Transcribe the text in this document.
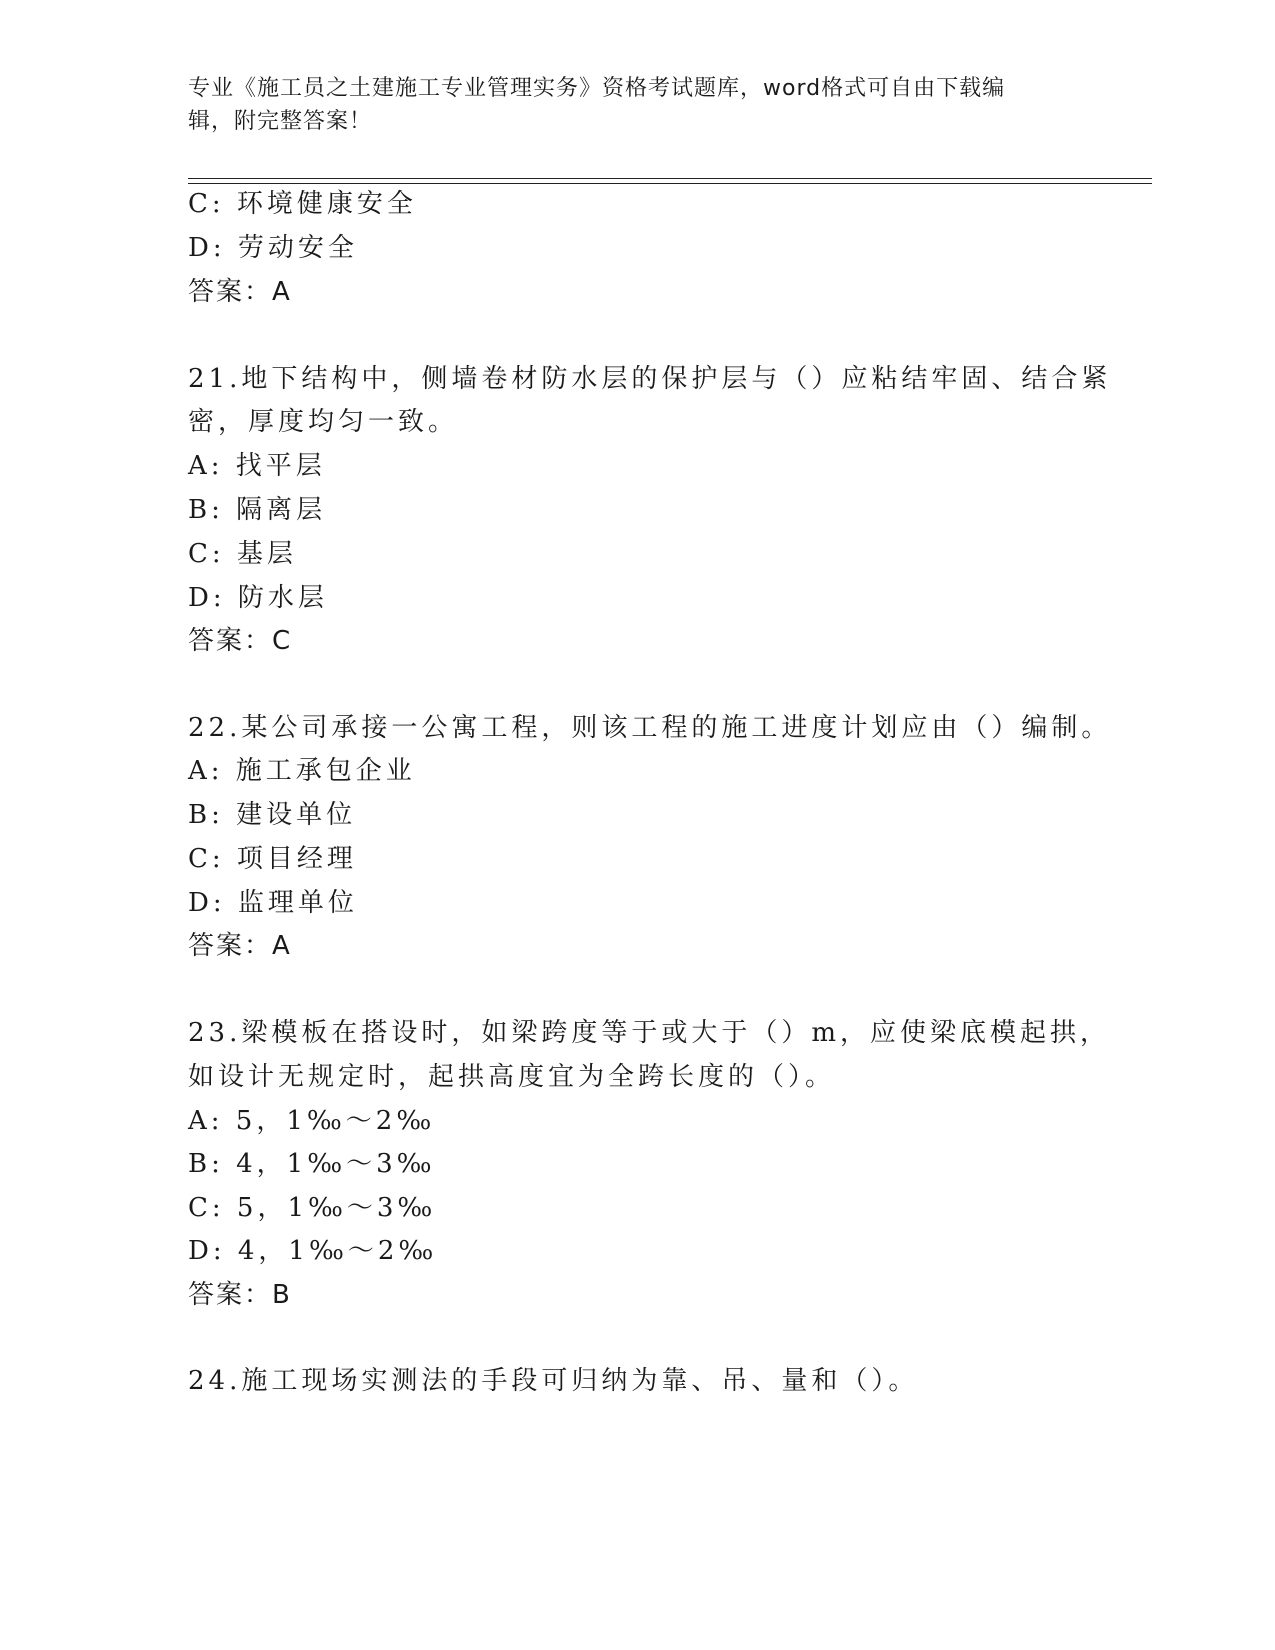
专业《施工员之土建施工专业管理实务》资格考试题库，word格式可自由下载编
辑，附完整答案！
C: 环境健康安全
D: 劳动安全
答案：A
21.地下结构中，侧墙卷材防水层的保护层与（）应粘结牢固、结合紧
密，厚度均匀一致。
A: 找平层
B: 隔离层
C: 基层
D: 防水层
答案：C
22.某公司承接一公寓工程，则该工程的施工进度计划应由（）编制。
A: 施工承包企业
B: 建设单位
C: 项目经理
D: 监理单位
答案：A
23.梁模板在搭设时，如梁跨度等于或大于（）m，应使梁底模起拱，
如设计无规定时，起拱高度宜为全跨长度的（）。
A: 5，1‰～2‰
B: 4，1‰～3‰
C: 5，1‰～3‰
D: 4，1‰～2‰
答案：B
24.施工现场实测法的手段可归纳为靠、吊、量和（）。
